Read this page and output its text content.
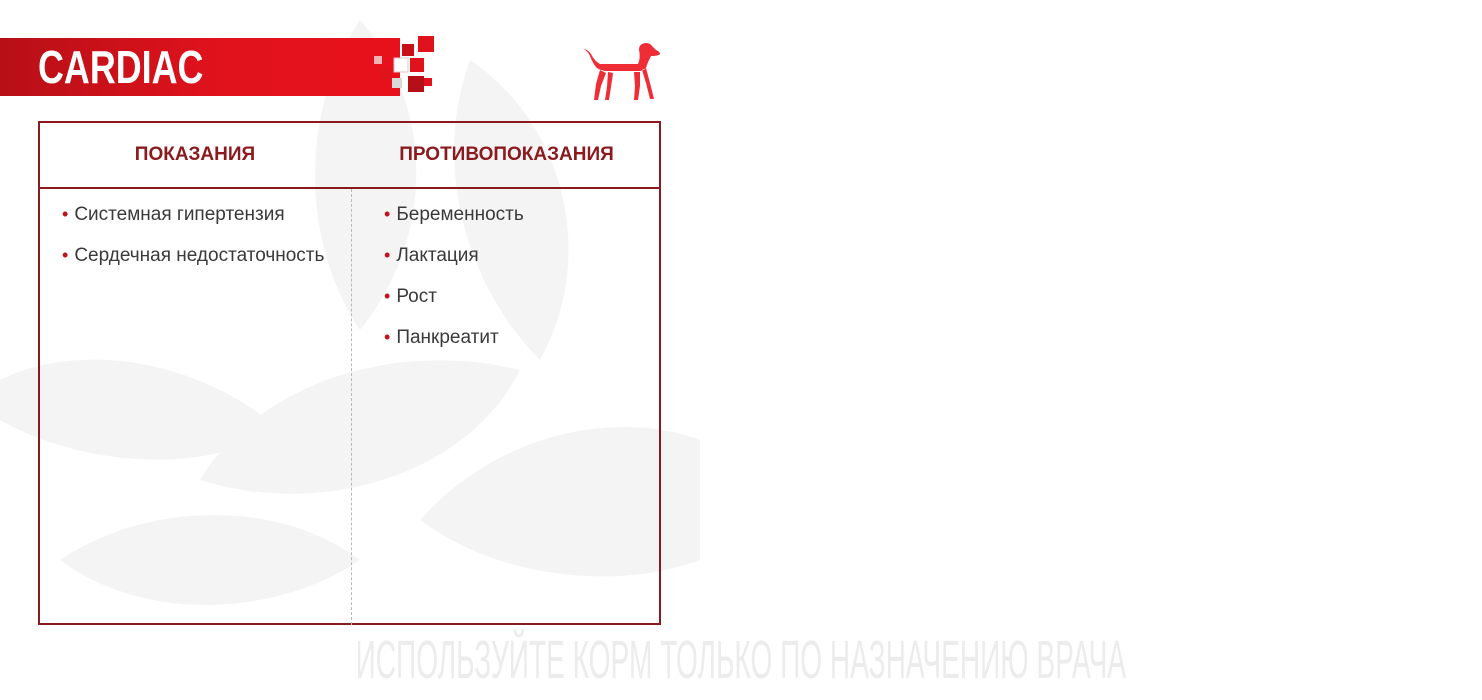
CARDIAC
ПОКАЗАНИЯ	ПРОТИВОПОКАЗАНИЯ
• Системная гипертензия
• Сердечная недостаточность
• Беременность
• Лактация
• Рост
• Панкреатит
ИСПОЛЬЗУЙТЕ КОРМ ТОЛЬКО ПО НАЗНАЧЕНИЮ ВРАЧА
